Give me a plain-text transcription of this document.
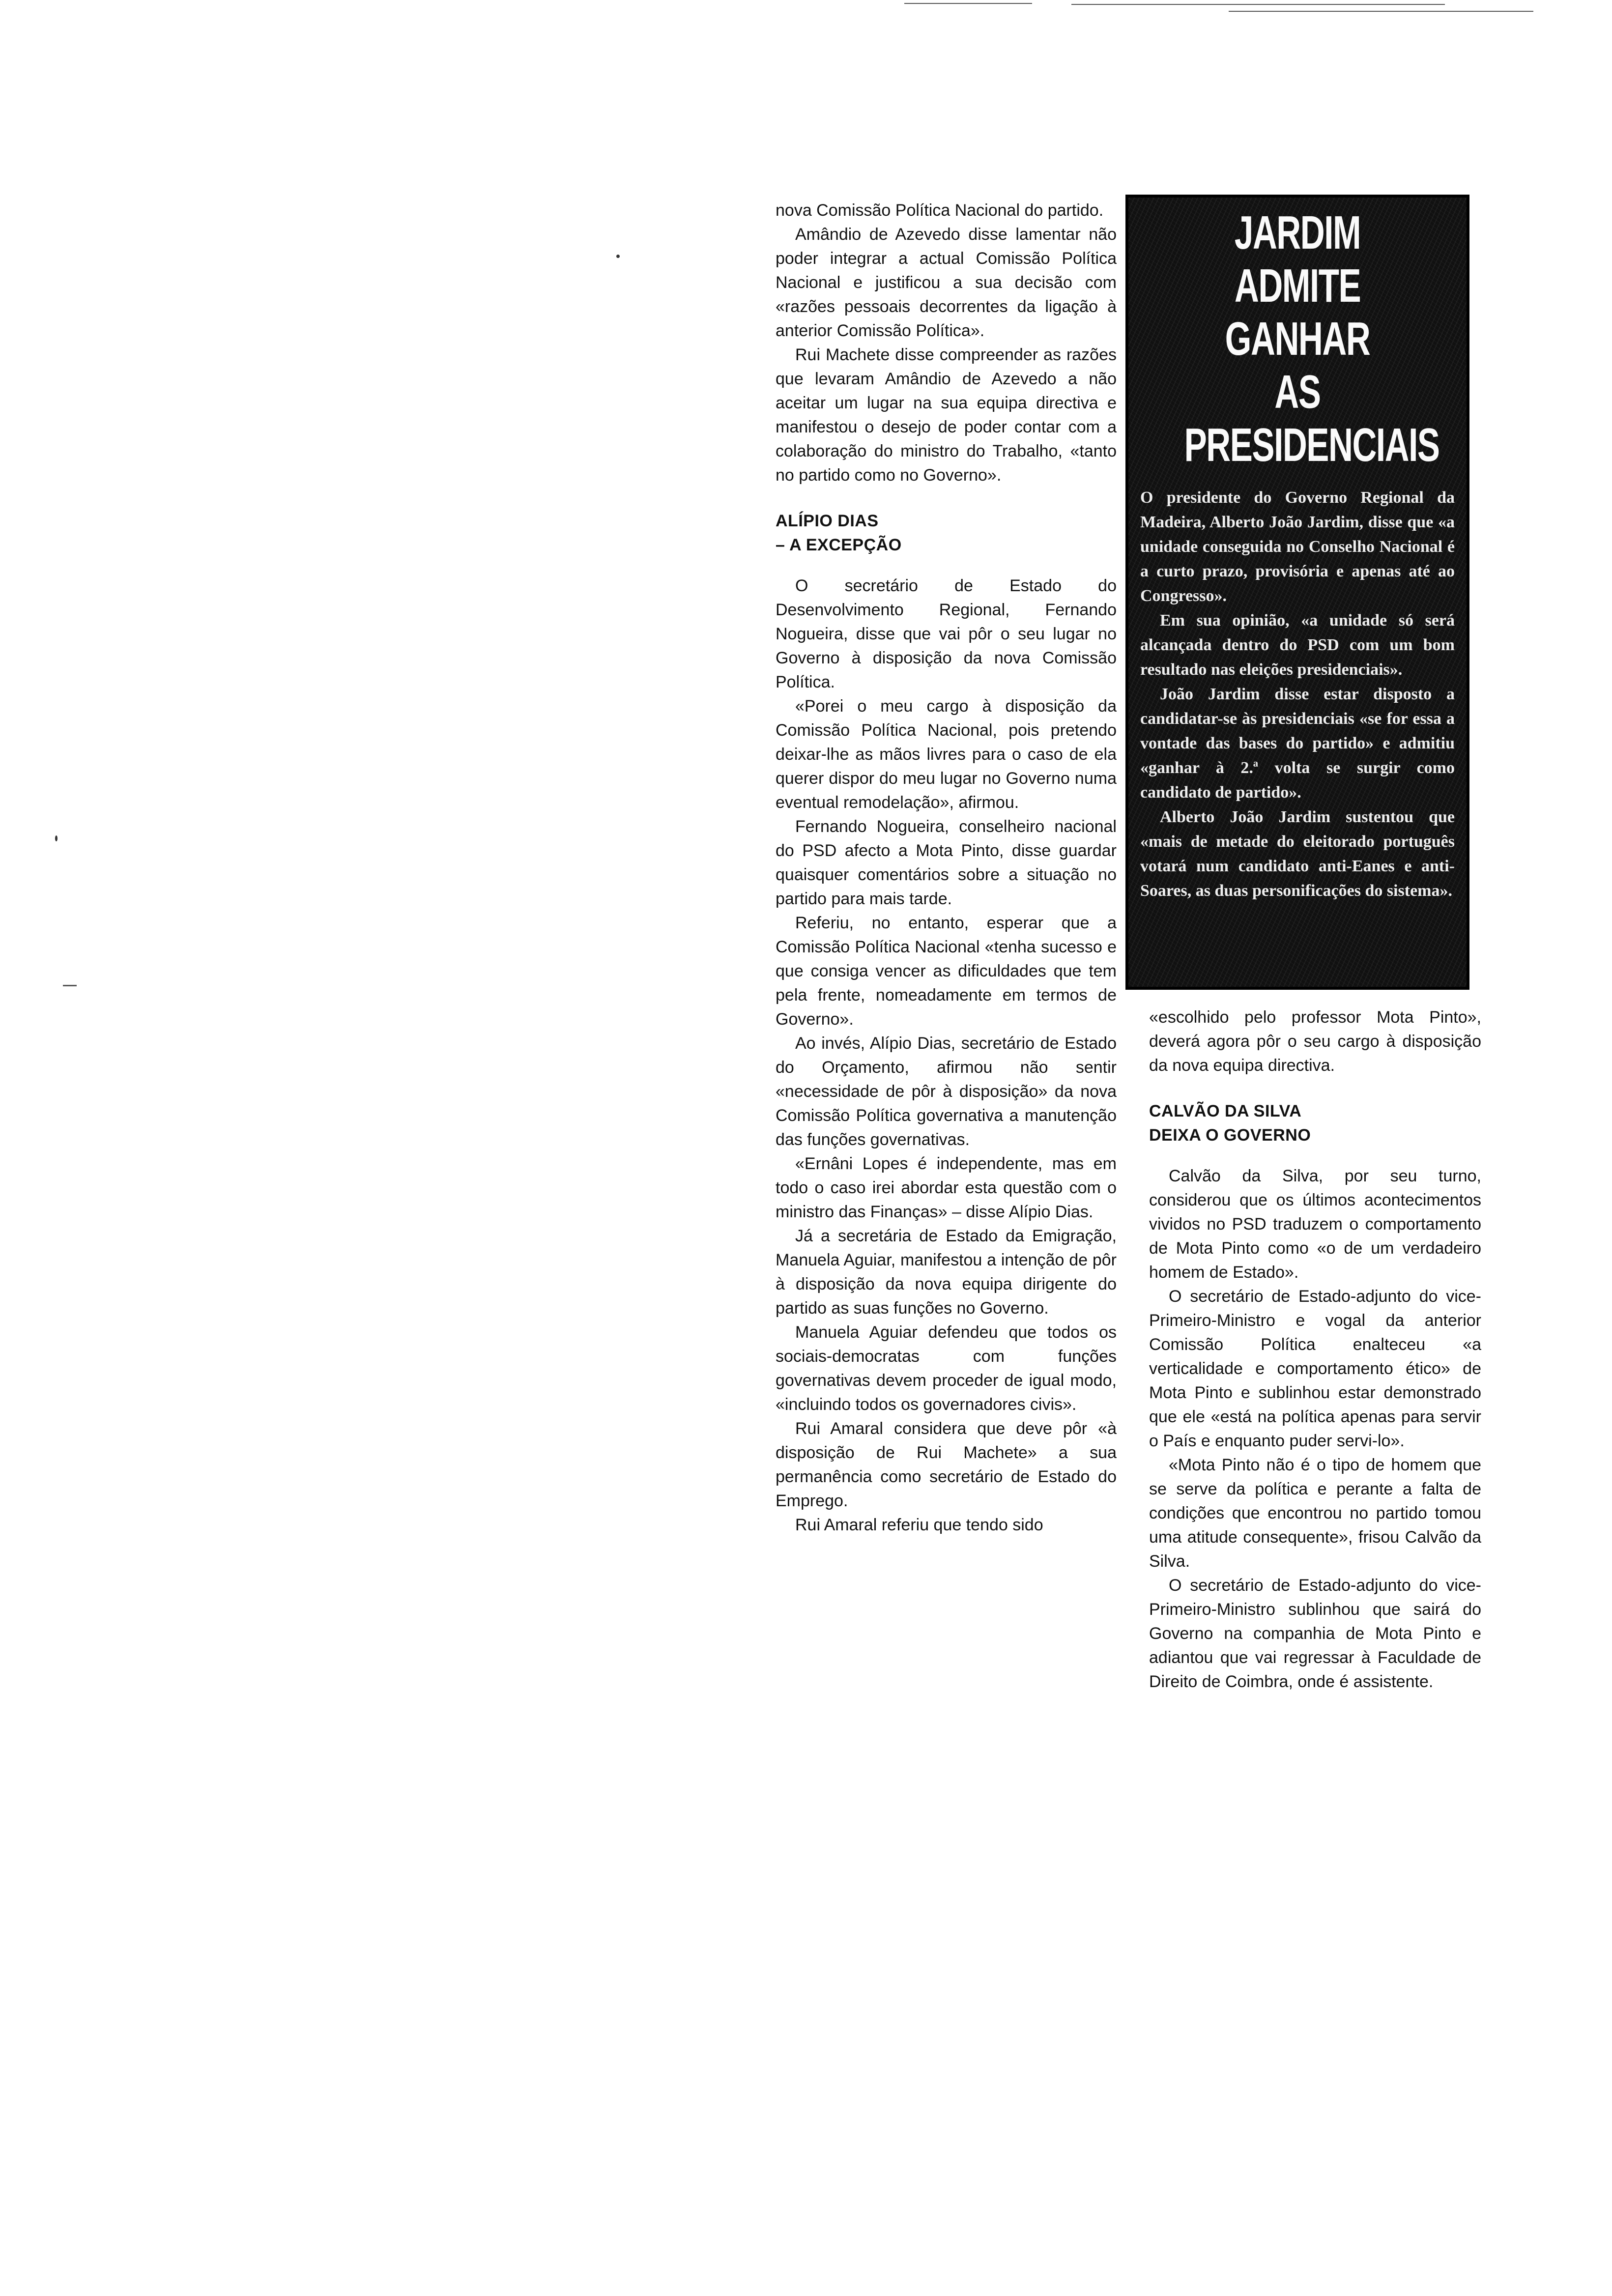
nova Comissão Política Nacional do partido.

Amândio de Azevedo disse lamentar não poder integrar a actual Comissão Política Nacional e justificou a sua decisão com «razões pessoais decorrentes da ligação à anterior Comissão Política».

Rui Machete disse compreender as razões que levaram Amândio de Azevedo a não aceitar um lugar na sua equipa directiva e manifestou o desejo de poder contar com a colaboração do ministro do Trabalho, «tanto no partido como no Governo».

ALÍPIO DIAS
– A EXCEPÇÃO

O secretário de Estado do Desenvolvimento Regional, Fernando Nogueira, disse que vai pôr o seu lugar no Governo à disposição da nova Comissão Política.

«Porei o meu cargo à disposição da Comissão Política Nacional, pois pretendo deixar-lhe as mãos livres para o caso de ela querer dispor do meu lugar no Governo numa eventual remodelação», afirmou.

Fernando Nogueira, conselheiro nacional do PSD afecto a Mota Pinto, disse guardar quaisquer comentários sobre a situação no partido para mais tarde.

Referiu, no entanto, esperar que a Comissão Política Nacional «tenha sucesso e que consiga vencer as dificuldades que tem pela frente, nomeadamente em termos de Governo».

Ao invés, Alípio Dias, secretário de Estado do Orçamento, afirmou não sentir «necessidade de pôr à disposição» da nova Comissão Política governativa a manutenção das funções governativas.

«Ernâni Lopes é independente, mas em todo o caso irei abordar esta questão com o ministro das Finanças» – disse Alípio Dias.

Já a secretária de Estado da Emigração, Manuela Aguiar, manifestou a intenção de pôr à disposição da nova equipa dirigente do partido as suas funções no Governo.

Manuela Aguiar defendeu que todos os sociais-democratas com funções governativas devem proceder de igual modo, «incluindo todos os governadores civis».

Rui Amaral considera que deve pôr «à disposição de Rui Machete» a sua permanência como secretário de Estado do Emprego.

Rui Amaral referiu que tendo sido

JARDIM
ADMITE
GANHAR
AS PRESIDENCIAIS

O presidente do Governo Regional da Madeira, Alberto João Jardim, disse que «a unidade conseguida no Conselho Nacional é a curto prazo, provisória e apenas até ao Congresso».

Em sua opinião, «a unidade só será alcançada dentro do PSD com um bom resultado nas eleições presidenciais».

João Jardim disse estar disposto a candidatar-se às presidenciais «se for essa a vontade das bases do partido» e admitiu «ganhar à 2.ª volta se surgir como candidato de partido».

Alberto João Jardim sustentou que «mais de metade do eleitorado português votará num candidato anti-Eanes e anti-Soares, as duas personificações do sistema».

«escolhido pelo professor Mota Pinto», deverá agora pôr o seu cargo à disposição da nova equipa directiva.

CALVÃO DA SILVA
DEIXA O GOVERNO

Calvão da Silva, por seu turno, considerou que os últimos acontecimentos vividos no PSD traduzem o comportamento de Mota Pinto como «o de um verdadeiro homem de Estado».

O secretário de Estado-adjunto do vice-Primeiro-Ministro e vogal da anterior Comissão Política enalteceu «a verticalidade e comportamento ético» de Mota Pinto e sublinhou estar demonstrado que ele «está na política apenas para servir o País e enquanto puder servi-lo».

«Mota Pinto não é o tipo de homem que se serve da política e perante a falta de condições que encontrou no partido tomou uma atitude consequente», frisou Calvão da Silva.

O secretário de Estado-adjunto do vice-Primeiro-Ministro sublinhou que sairá do Governo na companhia de Mota Pinto e adiantou que vai regressar à Faculdade de Direito de Coimbra, onde é assistente.
